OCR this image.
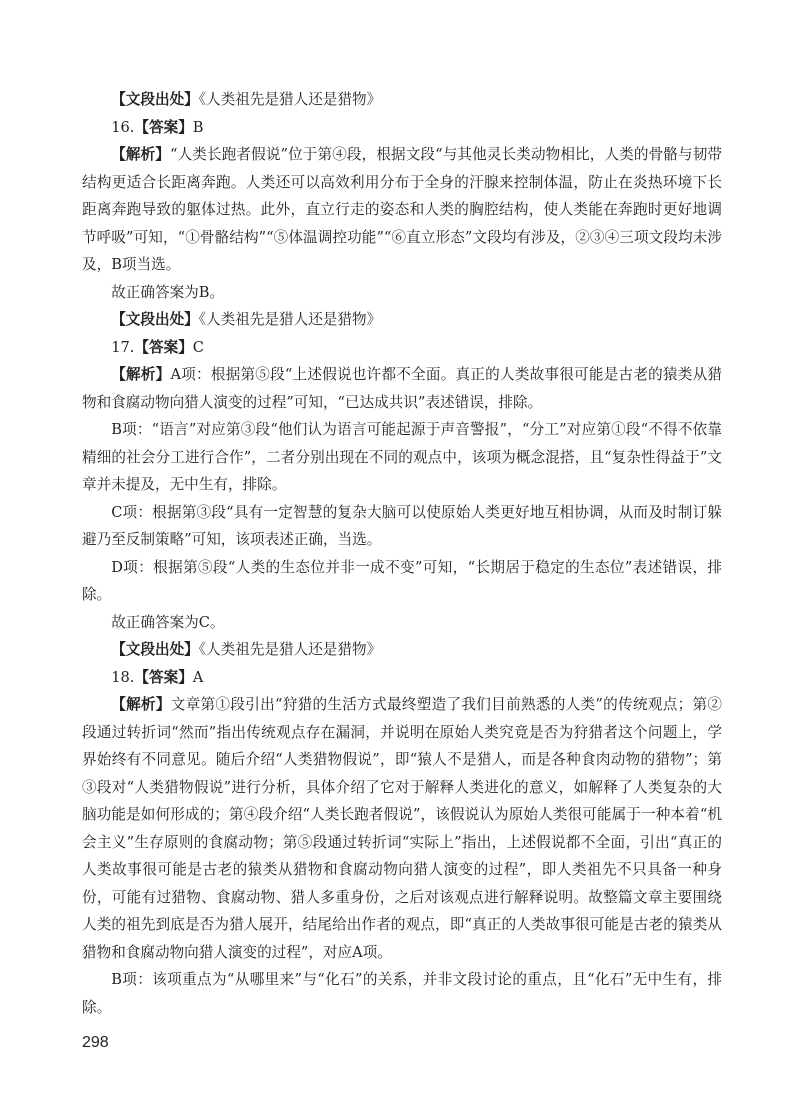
【文段出处】《人类祖先是猎人还是猎物》

16.【答案】B

【解析】“人类长跑者假说”位于第④段，根据文段“与其他灵长类动物相比，人类的骨骼与韧带结构更适合长距离奔跑。人类还可以高效利用分布于全身的汗腺来控制体温，防止在炎热环境下长距离奔跑导致的躯体过热。此外，直立行走的姿态和人类的胸腔结构，使人类能在奔跑时更好地调节呼吸”可知，“①骨骼结构”“⑤体温调控功能”“⑥直立形态”文段均有涉及，②③④三项文段均未涉及，B项当选。

故正确答案为B。

【文段出处】《人类祖先是猎人还是猎物》

17.【答案】C

【解析】A项：根据第⑤段“上述假说也许都不全面。真正的人类故事很可能是古老的猿类从猎物和食腐动物向猎人演变的过程”可知，“已达成共识”表述错误，排除。

B项：“语言”对应第③段“他们认为语言可能起源于声音警报”，“分工”对应第①段“不得不依靠精细的社会分工进行合作”，二者分别出现在不同的观点中，该项为概念混搭，且“复杂性得益于”文章并未提及，无中生有，排除。

C项：根据第③段“具有一定智慧的复杂大脑可以使原始人类更好地互相协调，从而及时制订躲避乃至反制策略”可知，该项表述正确，当选。

D项：根据第⑤段“人类的生态位并非一成不变”可知，“长期居于稳定的生态位”表述错误，排除。

故正确答案为C。

【文段出处】《人类祖先是猎人还是猎物》

18.【答案】A

【解析】文章第①段引出“狩猎的生活方式最终塑造了我们目前熟悉的人类”的传统观点；第②段通过转折词“然而”指出传统观点存在漏洞，并说明在原始人类究竟是否为狩猎者这个问题上，学界始终有不同意见。随后介绍“人类猎物假说”，即“猿人不是猎人，而是各种食肉动物的猎物”；第③段对“人类猎物假说”进行分析，具体介绍了它对于解释人类进化的意义，如解释了人类复杂的大脑功能是如何形成的；第④段介绍“人类长跑者假说”，该假说认为原始人类很可能属于一种本着“机会主义”生存原则的食腐动物；第⑤段通过转折词“实际上”指出，上述假说都不全面，引出“真正的人类故事很可能是古老的猿类从猎物和食腐动物向猎人演变的过程”，即人类祖先不只具备一种身份，可能有过猎物、食腐动物、猎人多重身份，之后对该观点进行解释说明。故整篇文章主要围绕人类的祖先到底是否为猎人展开，结尾给出作者的观点，即“真正的人类故事很可能是古老的猿类从猎物和食腐动物向猎人演变的过程”，对应A项。

B项：该项重点为“从哪里来”与“化石”的关系，并非文段讨论的重点，且“化石”无中生有，排除。

298
